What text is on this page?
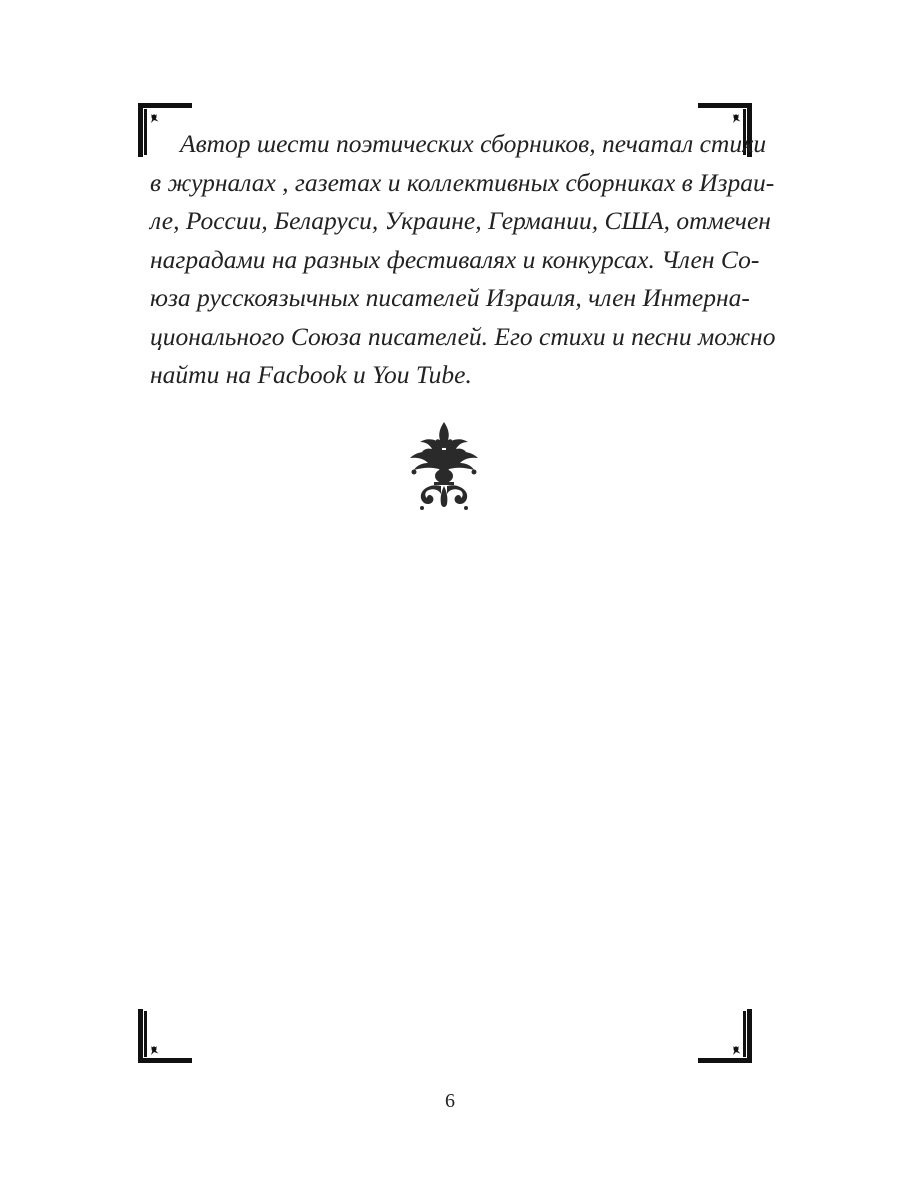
Автор шести поэтических сборников, печатал стихи
в журналах , газетах и коллективных сборниках в Израи-
ле, России, Беларуси, Украине, Германии, США, отмечен
наградами на разных фестивалях и конкурсах. Член Со-
юза русскоязычных писателей Израиля, член Интерна-
ционального Союза писателей. Его стихи и песни можно
найти на Facbook и You Tube.

6
